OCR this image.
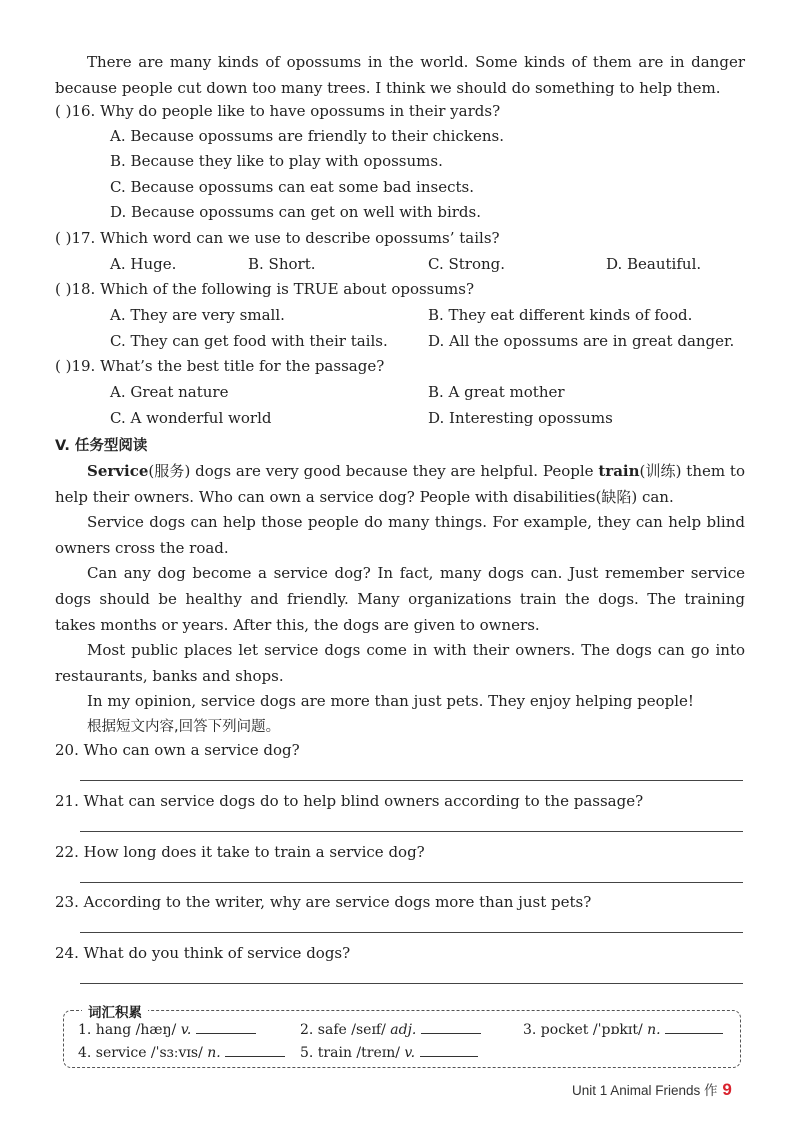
There are many kinds of opossums in the world. Some kinds of them are in danger because people cut down too many trees. I think we should do something to help them.

( )16. Why do people like to have opossums in their yards?
A. Because opossums are friendly to their chickens.
B. Because they like to play with opossums.
C. Because opossums can eat some bad insects.
D. Because opossums can get on well with birds.
( )17. Which word can we use to describe opossums’ tails?
A. Huge.	B. Short.	C. Strong.	D. Beautiful.
( )18. Which of the following is TRUE about opossums?
A. They are very small.	B. They eat different kinds of food.
C. They can get food with their tails.	D. All the opossums are in great danger.
( )19. What’s the best title for the passage?
A. Great nature	B. A great mother
C. A wonderful world	D. Interesting opossums
V. 任务型阅读

Service(服务) dogs are very good because they are helpful. People train(训练) them to help their owners. Who can own a service dog? People with disabilities(缺陷) can.

Service dogs can help those people do many things. For example, they can help blind owners cross the road.

Can any dog become a service dog? In fact, many dogs can. Just remember service dogs should be healthy and friendly. Many organizations train the dogs. The training takes months or years. After this, the dogs are given to owners.

Most public places let service dogs come in with their owners. The dogs can go into restaurants, banks and shops.

In my opinion, service dogs are more than just pets. They enjoy helping people!

根据短文内容,回答下列问题。

20. Who can own a service dog?
21. What can service dogs do to help blind owners according to the passage?
22. How long does it take to train a service dog?
23. According to the writer, why are service dogs more than just pets?
24. What do you think of service dogs?
词汇积累
1. hang /hæŋ/ v.	2. safe /seɪf/ adj.	3. pocket /ˈpɒkɪt/ n.
4. service /ˈsɜːvɪs/ n.	5. train /treɪn/ v.
Unit 1 Animal Friends 作 9
